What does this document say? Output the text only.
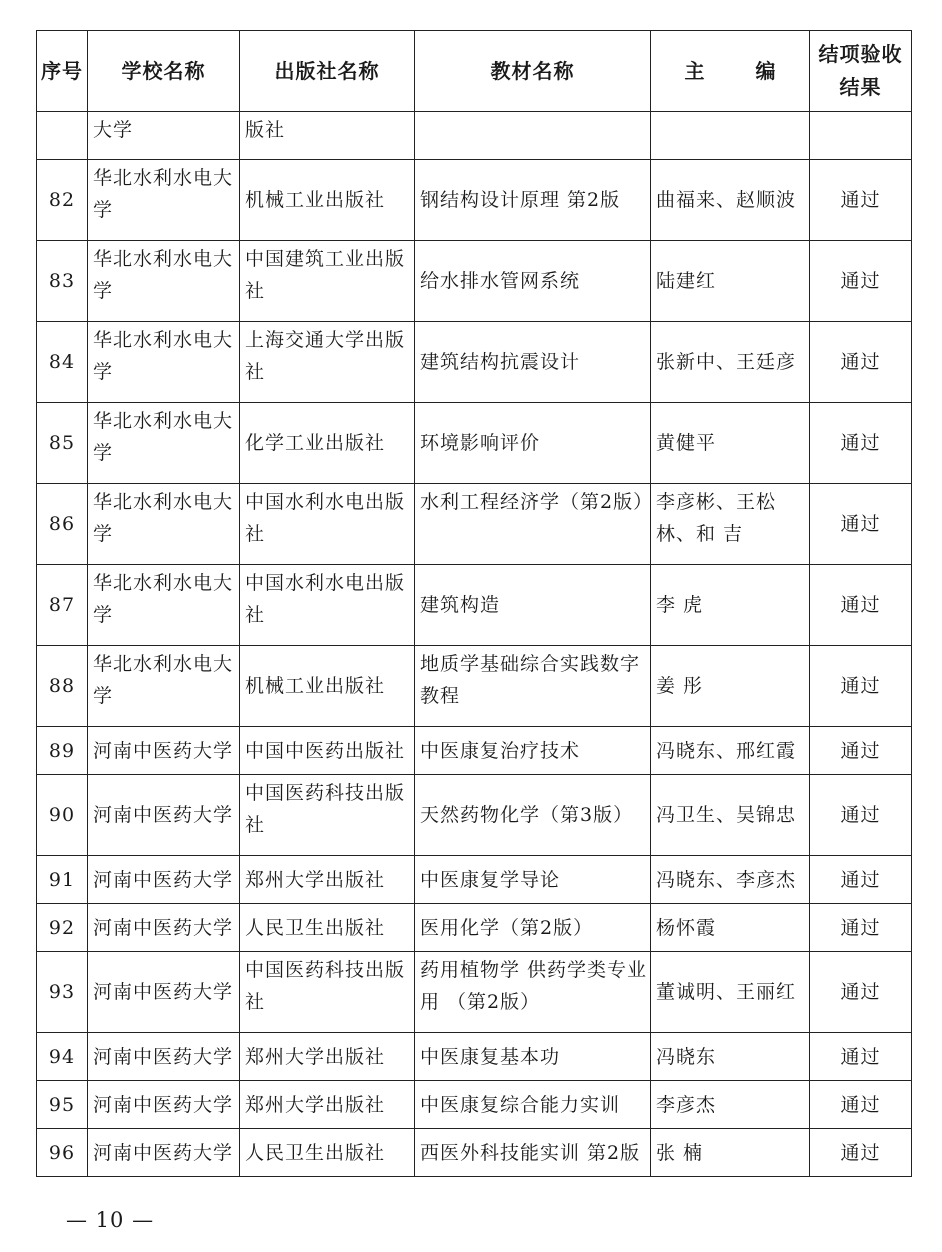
序号	学校名称	出版社名称	教材名称	主 编	结项验收
结果

	大学	版社			
82	华北水利水电大学	机械工业出版社	钢结构设计原理 第2版	曲福来、赵顺波	通过
83	华北水利水电大学	中国建筑工业出版社	给水排水管网系统	陆建红	通过
84	华北水利水电大学	上海交通大学出版社	建筑结构抗震设计	张新中、王廷彦	通过
85	华北水利水电大学	化学工业出版社	环境影响评价	黄健平	通过
86	华北水利水电大学	中国水利水电出版社	水利工程经济学（第2版）	李彦彬、王松林、和 吉	通过
87	华北水利水电大学	中国水利水电出版社	建筑构造	李 虎	通过
88	华北水利水电大学	机械工业出版社	地质学基础综合实践数字教程	姜 彤	通过
89	河南中医药大学	中国中医药出版社	中医康复治疗技术	冯晓东、邢红霞	通过
90	河南中医药大学	中国医药科技出版社	天然药物化学（第3版）	冯卫生、吴锦忠	通过
91	河南中医药大学	郑州大学出版社	中医康复学导论	冯晓东、李彦杰	通过
92	河南中医药大学	人民卫生出版社	医用化学（第2版）	杨怀霞	通过
93	河南中医药大学	中国医药科技出版社	药用植物学 供药学类专业用 （第2版）	董诚明、王丽红	通过
94	河南中医药大学	郑州大学出版社	中医康复基本功	冯晓东	通过
95	河南中医药大学	郑州大学出版社	中医康复综合能力实训	李彦杰	通过
96	河南中医药大学	人民卫生出版社	西医外科技能实训 第2版	张 楠	通过
— 10 —
